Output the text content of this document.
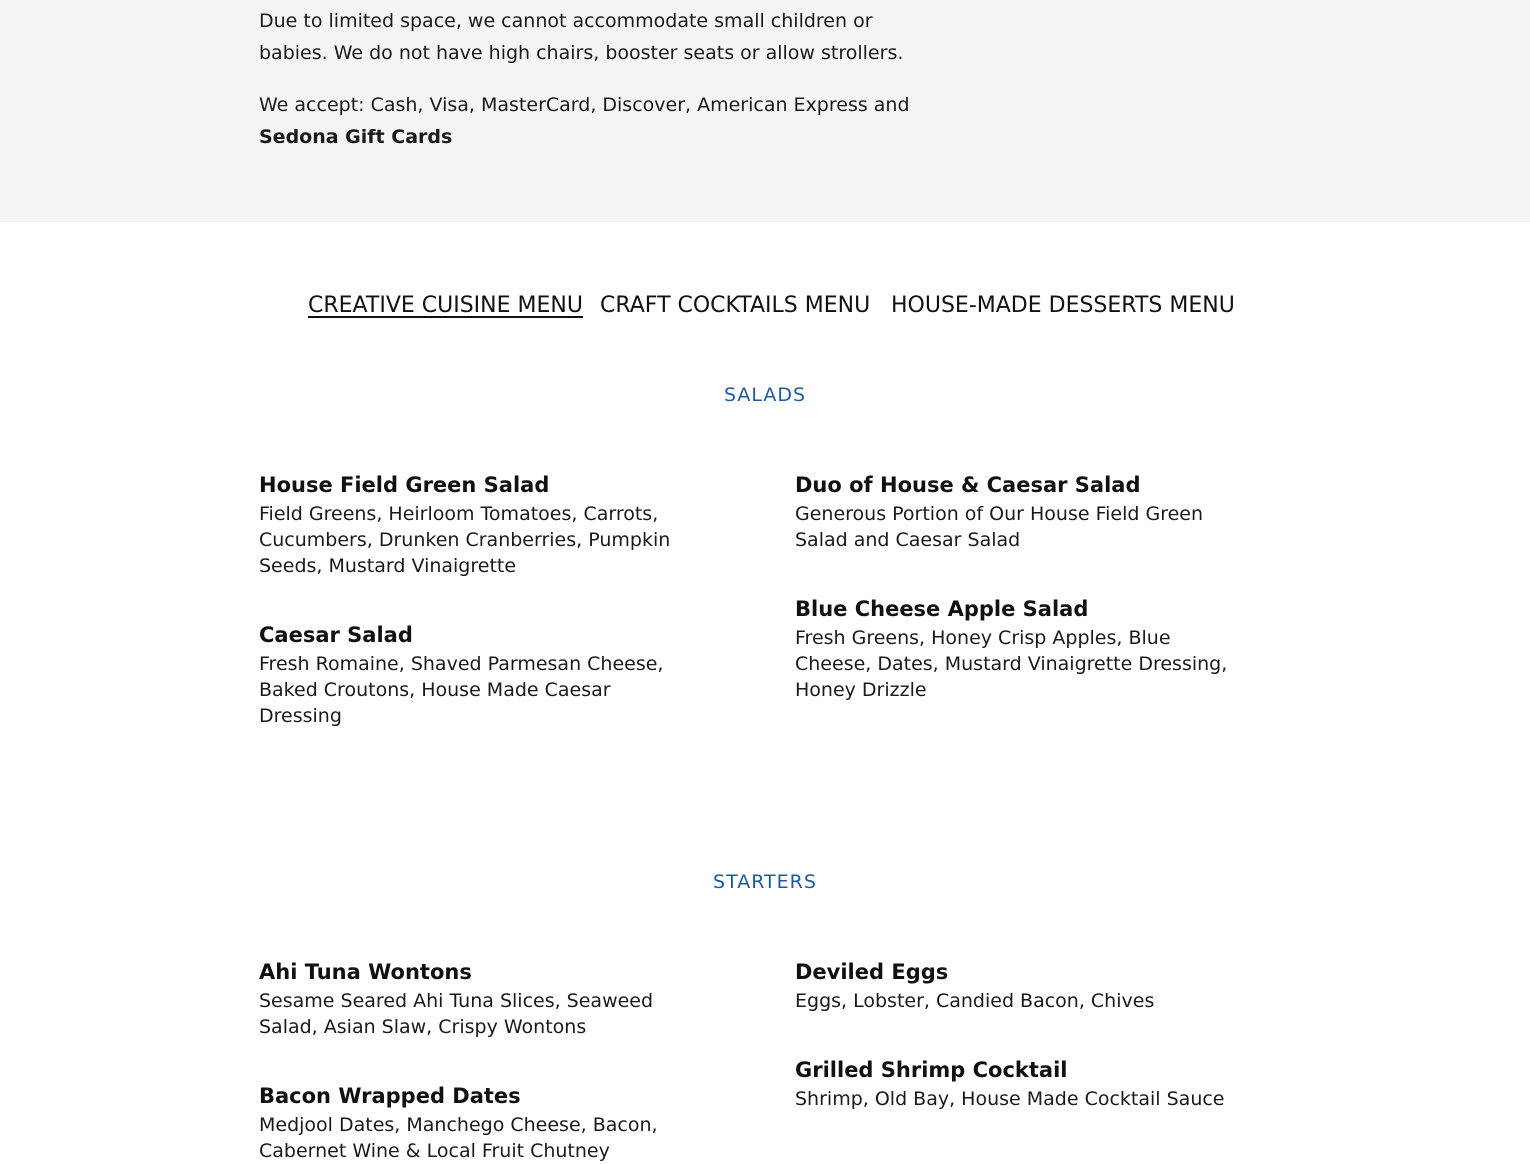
Due to limited space, we cannot accommodate small children or babies. We do not have high chairs, booster seats or allow strollers.

We accept: Cash, Visa, MasterCard, Discover, American Express and
Sedona Gift Cards

CREATIVE CUISINE MENU CRAFT COCKTAILS MENU HOUSE-MADE DESSERTS MENU
SALADS
House Field Green Salad

Field Greens, Heirloom Tomatoes, Carrots, Cucumbers, Drunken Cranberries, Pumpkin Seeds, Mustard Vinaigrette

Duo of House & Caesar Salad

Generous Portion of Our House Field Green Salad and Caesar Salad

Caesar Salad

Fresh Romaine, Shaved Parmesan Cheese, Baked Croutons, House Made Caesar Dressing

Blue Cheese Apple Salad

Fresh Greens, Honey Crisp Apples, Blue Cheese, Dates, Mustard Vinaigrette Dressing, Honey Drizzle

STARTERS
Ahi Tuna Wontons

Sesame Seared Ahi Tuna Slices, Seaweed Salad, Asian Slaw, Crispy Wontons

Deviled Eggs

Eggs, Lobster, Candied Bacon, Chives

Bacon Wrapped Dates

Medjool Dates, Manchego Cheese, Bacon, Cabernet Wine & Local Fruit Chutney

Grilled Shrimp Cocktail

Shrimp, Old Bay, House Made Cocktail Sauce
